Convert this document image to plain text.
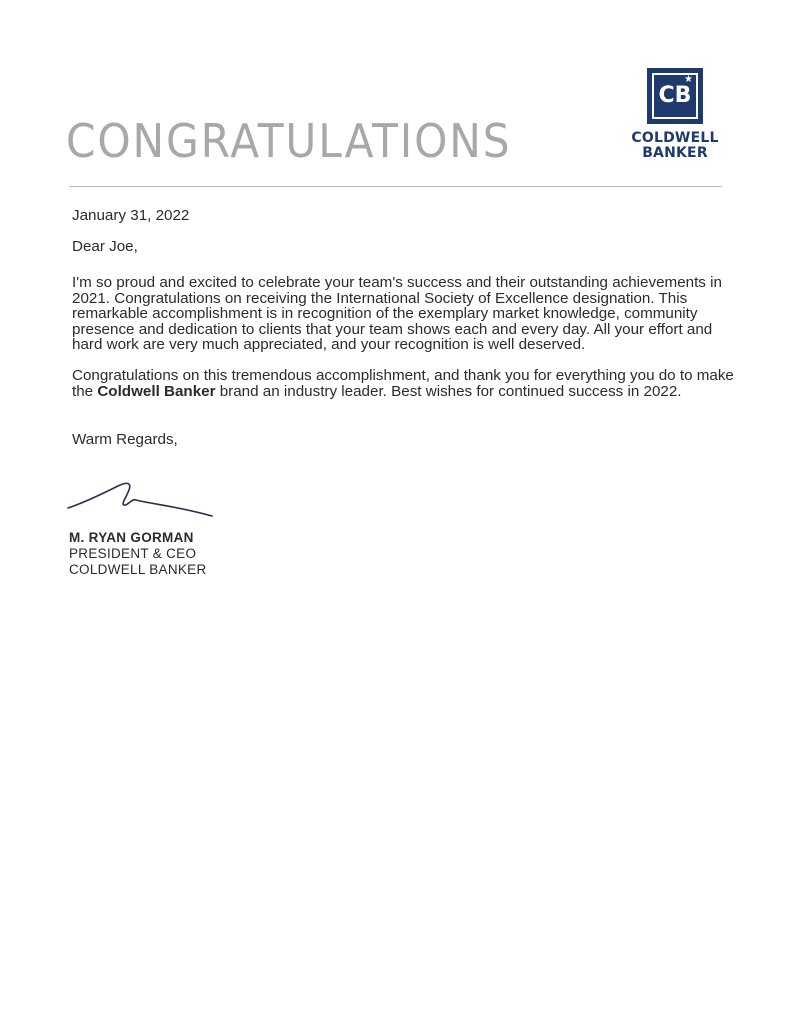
CONGRATULATIONS
CB
★
COLDWELL
BANKER
January 31, 2022
Dear Joe,
I'm so proud and excited to celebrate your team's success and their outstanding achievements in 2021. Congratulations on receiving the International Society of Excellence designation. This remarkable accomplishment is in recognition of the exemplary market knowledge, community presence and dedication to clients that your team shows each and every day. All your effort and hard work are very much appreciated, and your recognition is well deserved.
Congratulations on this tremendous accomplishment, and thank you for everything you do to make the Coldwell Banker brand an industry leader. Best wishes for continued success in 2022.
Warm Regards,
M. RYAN GORMAN
PRESIDENT & CEO
COLDWELL BANKER
